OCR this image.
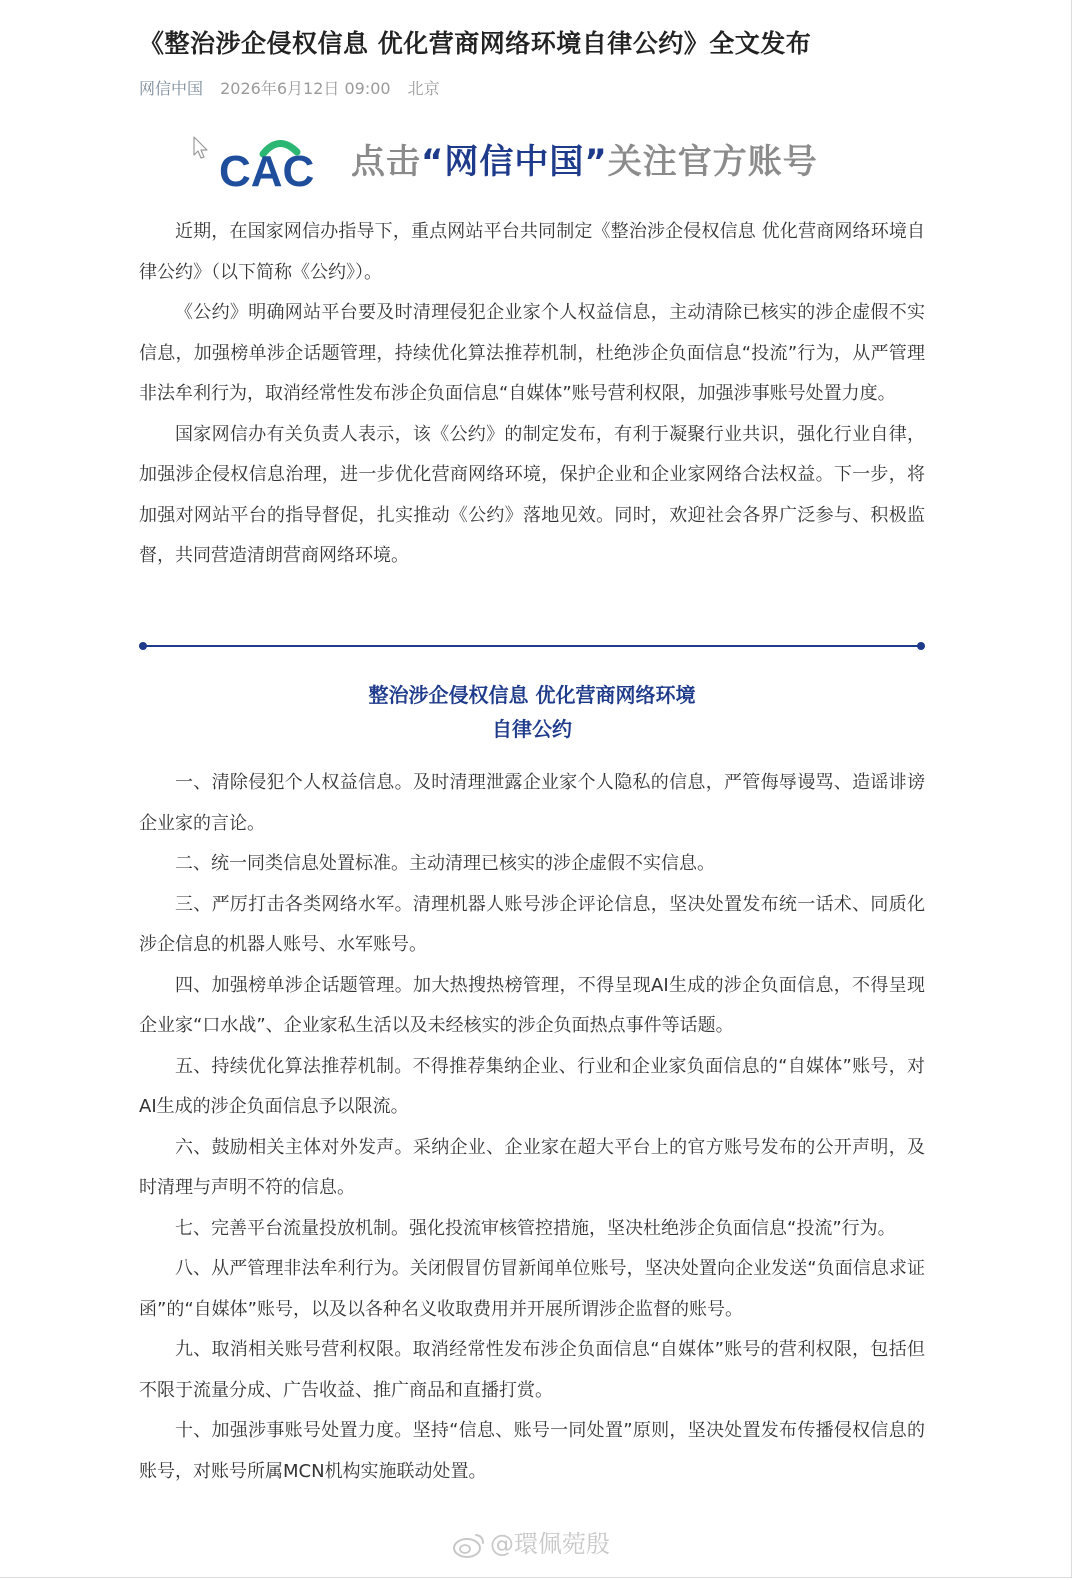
《整治涉企侵权信息 优化营商网络环境自律公约》全文发布
网信中国 2026年6月12日 09:00 北京
CAC 点击“网信中国”关注官方账号

近期，在国家网信办指导下，重点网站平台共同制定《整治涉企侵权信息 优化营商网络环境自律公约》（以下简称《公约》）。

《公约》明确网站平台要及时清理侵犯企业家个人权益信息，主动清除已核实的涉企虚假不实信息，加强榜单涉企话题管理，持续优化算法推荐机制，杜绝涉企负面信息“投流”行为，从严管理非法牟利行为，取消经常性发布涉企负面信息“自媒体”账号营利权限，加强涉事账号处置力度。

国家网信办有关负责人表示，该《公约》的制定发布，有利于凝聚行业共识，强化行业自律，加强涉企侵权信息治理，进一步优化营商网络环境，保护企业和企业家网络合法权益。下一步，将加强对网站平台的指导督促，扎实推动《公约》落地见效。同时，欢迎社会各界广泛参与、积极监督，共同营造清朗营商网络环境。

整治涉企侵权信息 优化营商网络环境
自律公约

一、清除侵犯个人权益信息。及时清理泄露企业家个人隐私的信息，严管侮辱谩骂、造谣诽谤企业家的言论。

二、统一同类信息处置标准。主动清理已核实的涉企虚假不实信息。

三、严厉打击各类网络水军。清理机器人账号涉企评论信息，坚决处置发布统一话术、同质化涉企信息的机器人账号、水军账号。

四、加强榜单涉企话题管理。加大热搜热榜管理，不得呈现AI生成的涉企负面信息，不得呈现企业家“口水战”、企业家私生活以及未经核实的涉企负面热点事件等话题。

五、持续优化算法推荐机制。不得推荐集纳企业、行业和企业家负面信息的“自媒体”账号，对AI生成的涉企负面信息予以限流。

六、鼓励相关主体对外发声。采纳企业、企业家在超大平台上的官方账号发布的公开声明，及时清理与声明不符的信息。

七、完善平台流量投放机制。强化投流审核管控措施，坚决杜绝涉企负面信息“投流”行为。

八、从严管理非法牟利行为。关闭假冒仿冒新闻单位账号，坚决处置向企业发送“负面信息求证函”的“自媒体”账号，以及以各种名义收取费用并开展所谓涉企监督的账号。

九、取消相关账号营利权限。取消经常性发布涉企负面信息“自媒体”账号的营利权限，包括但不限于流量分成、广告收益、推广商品和直播打赏。

十、加强涉事账号处置力度。坚持“信息、账号一同处置”原则，坚决处置发布传播侵权信息的账号，对账号所属MCN机构实施联动处置。

@環佩菀殷
